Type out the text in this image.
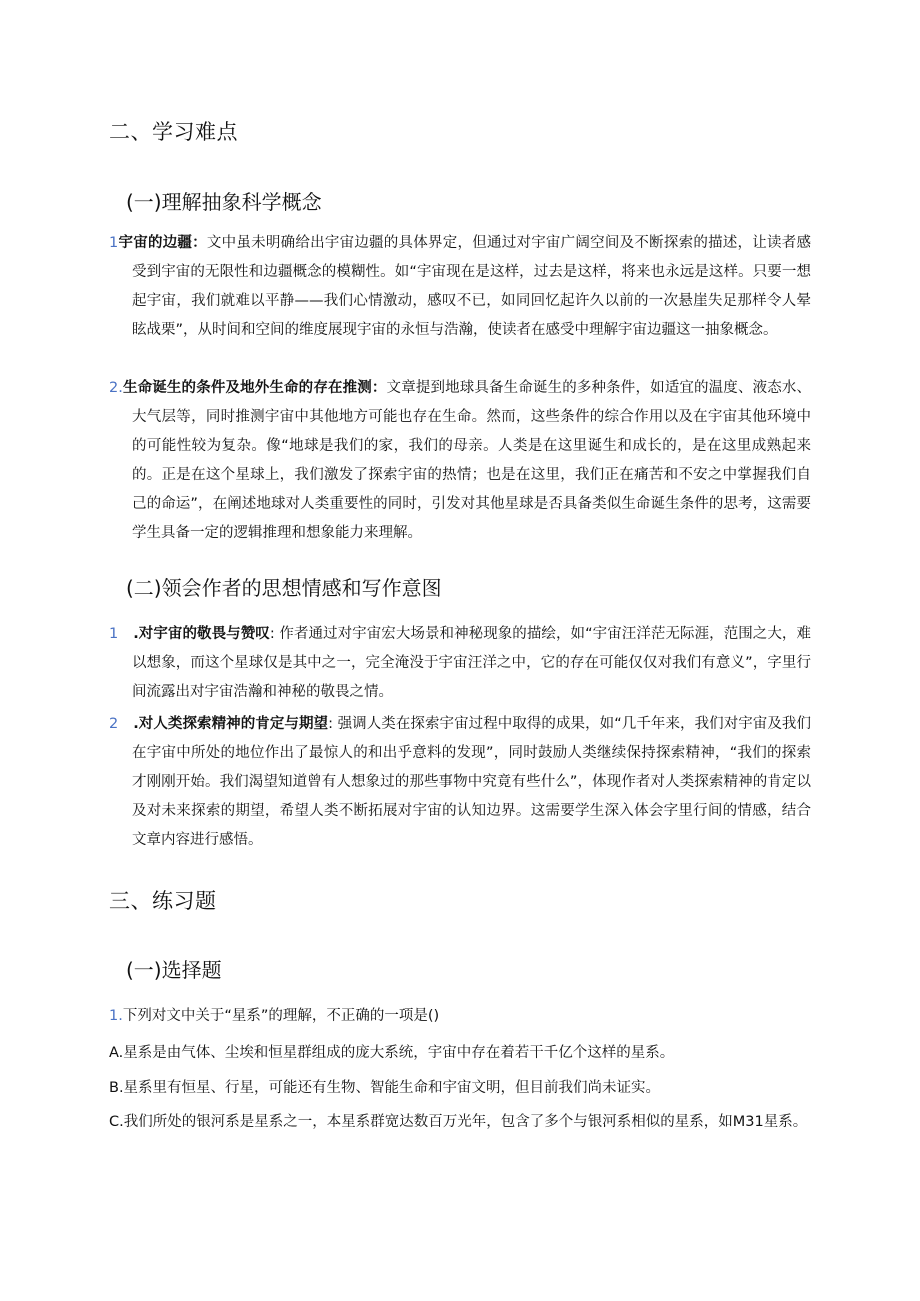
二、学习难点
(一)理解抽象科学概念
1宇宙的边疆：文中虽未明确给出宇宙边疆的具体界定，但通过对宇宙广阔空间及不断探索的描述，让读者感受到宇宙的无限性和边疆概念的模糊性。如“宇宙现在是这样，过去是这样，将来也永远是这样。只要一想起宇宙，我们就难以平静——我们心情激动，感叹不已，如同回忆起许久以前的一次悬崖失足那样令人晕眩战栗”，从时间和空间的维度展现宇宙的永恒与浩瀚，使读者在感受中理解宇宙边疆这一抽象概念。
2.生命诞生的条件及地外生命的存在推测：文章提到地球具备生命诞生的多种条件，如适宜的温度、液态水、大气层等，同时推测宇宙中其他地方可能也存在生命。然而，这些条件的综合作用以及在宇宙其他环境中的可能性较为复杂。像“地球是我们的家，我们的母亲。人类是在这里诞生和成长的，是在这里成熟起来的。正是在这个星球上，我们激发了探索宇宙的热情；也是在这里，我们正在痛苦和不安之中掌握我们自己的命运”，在阐述地球对人类重要性的同时，引发对其他星球是否具备类似生命诞生条件的思考，这需要学生具备一定的逻辑推理和想象能力来理解。
(二)领会作者的思想情感和写作意图
1 .对宇宙的敬畏与赞叹: 作者通过对宇宙宏大场景和神秘现象的描绘，如“宇宙汪洋茫无际涯，范围之大，难以想象，而这个星球仅是其中之一，完全淹没于宇宙汪洋之中，它的存在可能仅仅对我们有意义”，字里行间流露出对宇宙浩瀚和神秘的敬畏之情。
2 .对人类探索精神的肯定与期望: 强调人类在探索宇宙过程中取得的成果，如“几千年来，我们对宇宙及我们在宇宙中所处的地位作出了最惊人的和出乎意料的发现”，同时鼓励人类继续保持探索精神，“我们的探索才刚刚开始。我们渴望知道曾有人想象过的那些事物中究竟有些什么”，体现作者对人类探索精神的肯定以及对未来探索的期望，希望人类不断拓展对宇宙的认知边界。这需要学生深入体会字里行间的情感，结合文章内容进行感悟。
三、练习题
(一)选择题
1.下列对文中关于“星系”的理解，不正确的一项是()
A.星系是由气体、尘埃和恒星群组成的庞大系统，宇宙中存在着若干千亿个这样的星系。
B.星系里有恒星、行星，可能还有生物、智能生命和宇宙文明，但目前我们尚未证实。
C.我们所处的银河系是星系之一，本星系群宽达数百万光年，包含了多个与银河系相似的星系，如M31星系。
